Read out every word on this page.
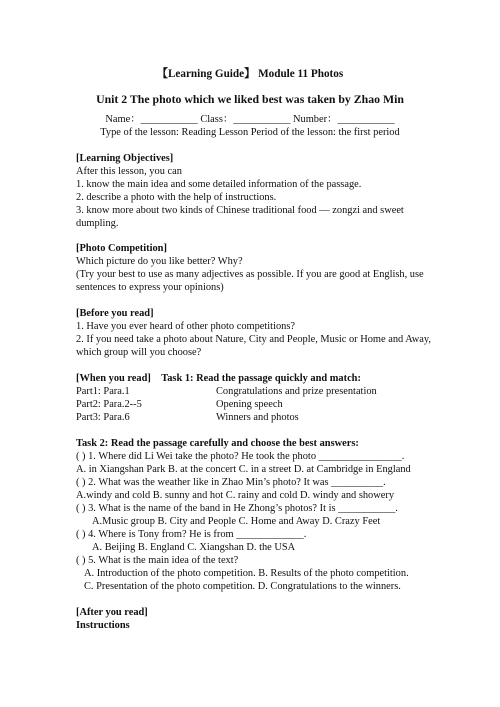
【Learning Guide】 Module 11 Photos
Unit 2 The photo which we liked best was taken by Zhao Min
Name：___________ Class：___________ Number：___________
Type of the lesson: Reading Lesson Period of the lesson: the first period
[Learning Objectives]
After this lesson, you can
1. know the main idea and some detailed information of the passage.
2. describe a photo with the help of instructions.
3. know more about two kinds of Chinese traditional food — zongzi and sweet
dumpling.
[Photo Competition]
Which picture do you like better? Why?
(Try your best to use as many adjectives as possible. If you are good at English, use
sentences to express your opinions)
[Before you read]
1. Have you ever heard of other photo competitions?
2. If you need take a photo about Nature, City and People, Music or Home and Away,
which group will you choose?
[When you read] Task 1: Read the passage quickly and match:
Part1: Para.1	Congratulations and prize presentation
Part2: Para.2--5	Opening speech
Part3: Para.6	Winners and photos
Task 2: Read the passage carefully and choose the best answers:
( ) 1. Where did Li Wei take the photo? He took the photo ________________.
A. in Xiangshan Park B. at the concert C. in a street D. at Cambridge in England
( ) 2. What was the weather like in Zhao Min’s photo? It was __________.
A.windy and cold B. sunny and hot C. rainy and cold D. windy and showery
( ) 3. What is the name of the band in He Zhong’s photos? It is ___________.
A.Music group B. City and People C. Home and Away D. Crazy Feet
( ) 4. Where is Tony from? He is from _____________.
A. Beijing B. England C. Xiangshan D. the USA
( ) 5. What is the main idea of the text?
A. Introduction of the photo competition. B. Results of the photo competition.
C. Presentation of the photo competition. D. Congratulations to the winners.
[After you read]
Instructions
